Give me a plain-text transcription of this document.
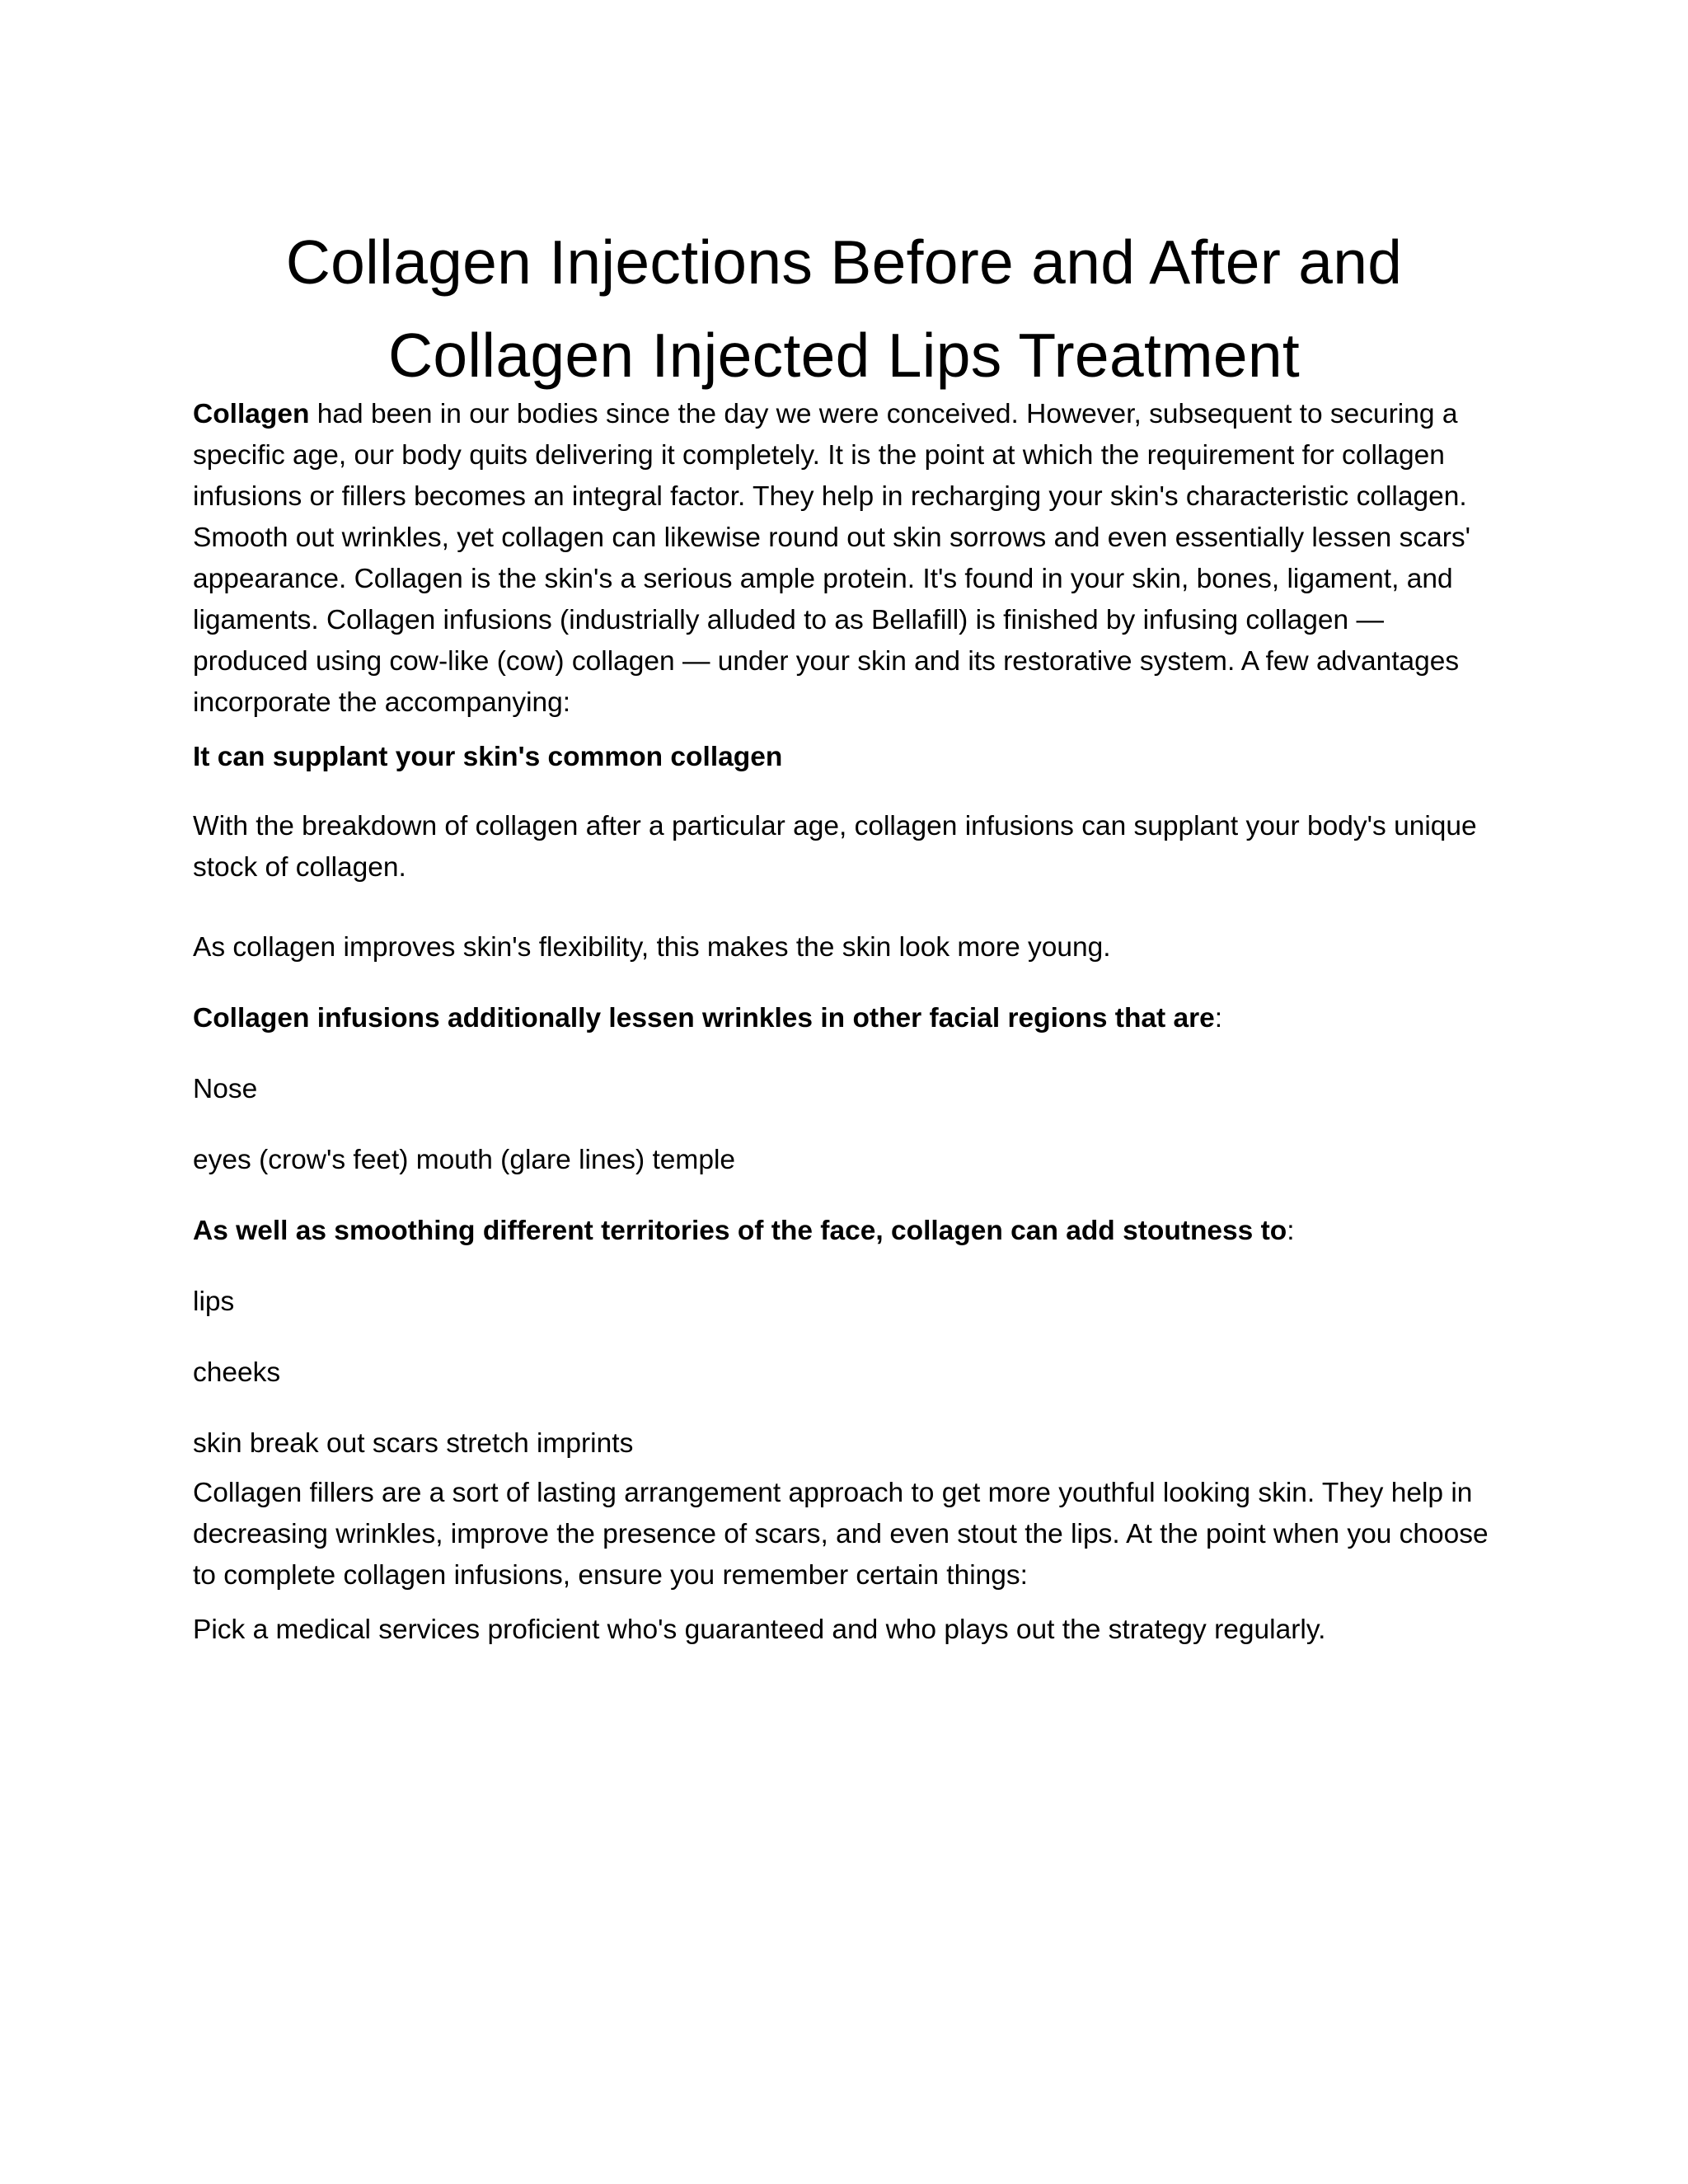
Collagen Injections Before and After and
Collagen Injected Lips Treatment

Collagen had been in our bodies since the day we were conceived. However, subsequent to securing a specific age, our body quits delivering it completely. It is the point at which the requirement for collagen infusions or fillers becomes an integral factor. They help in recharging your skin's characteristic collagen. Smooth out wrinkles, yet collagen can likewise round out skin sorrows and even essentially lessen scars' appearance. Collagen is the skin's a serious ample protein. It's found in your skin, bones, ligament, and ligaments. Collagen infusions (industrially alluded to as Bellafill) is finished by infusing collagen — produced using cow-like (cow) collagen — under your skin and its restorative system. A few advantages incorporate the accompanying:

It can supplant your skin's common collagen

With the breakdown of collagen after a particular age, collagen infusions can supplant your body's unique stock of collagen.

As collagen improves skin's flexibility, this makes the skin look more young.

Collagen infusions additionally lessen wrinkles in other facial regions that are:

Nose

eyes (crow's feet) mouth (glare lines) temple

As well as smoothing different territories of the face, collagen can add stoutness to:

lips

cheeks

skin break out scars stretch imprints

Collagen fillers are a sort of lasting arrangement approach to get more youthful looking skin. They help in decreasing wrinkles, improve the presence of scars, and even stout the lips. At the point when you choose to complete collagen infusions, ensure you remember certain things:

Pick a medical services proficient who's guaranteed and who plays out the strategy regularly.
